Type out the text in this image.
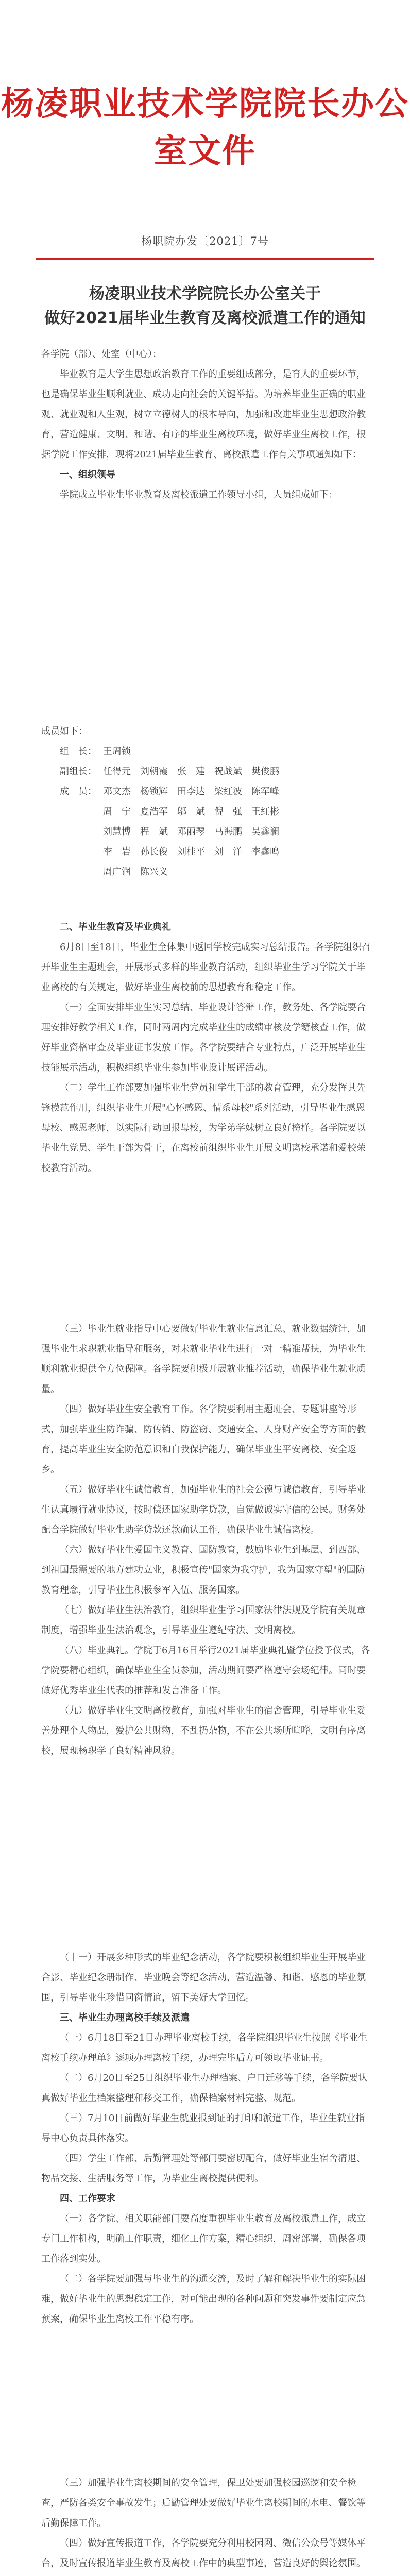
杨凌职业技术学院院长办公室文件
杨职院办发〔2021〕7号
杨凌职业技术学院院长办公室关于
做好2021届毕业生教育及离校派遣工作的通知

各学院（部）、处室（中心）：

毕业教育是大学生思想政治教育工作的重要组成部分，是育人的重要环节，也是确保毕业生顺利就业、成功走向社会的关键举措。为培养毕业生正确的职业观、就业观和人生观，树立立德树人的根本导向，加强和改进毕业生思想政治教育，营造健康、文明、和谐、有序的毕业生离校环境，做好毕业生离校工作，根据学院工作安排，现将2021届毕业生教育、离校派遣工作有关事项通知如下：

一、组织领导

学院成立毕业生毕业教育及离校派遣工作领导小组，人员组成如下：

成员如下：

组　长： 王周锁
副组长： 任得元　刘朝霞　张　建　祝战斌　樊俊鹏
成　员： 邓文杰　杨锁辉　田李达　梁红波　陈军峰
周　宁　夏浩军　邬　斌　倪　强　王红彬
刘慧博　程　斌　邓丽琴　马海鹏　吴鑫澜
李　岩　孙长俊　刘桂平　刘　洋　李鑫鸣
周广润　陈兴义

二、毕业生教育及毕业典礼

6月8日至18日，毕业生全体集中返回学校完成实习总结报告。各学院组织召开毕业生主题班会，开展形式多样的毕业教育活动，组织毕业生学习学院关于毕业离校的有关规定，做好毕业生离校前的思想教育和稳定工作。

（一）全面安排毕业生实习总结、毕业设计答辩工作，教务处、各学院要合理安排好教学相关工作，同时两周内完成毕业生的成绩审核及学籍核查工作，做好毕业资格审查及毕业证书发放工作。各学院要结合专业特点，广泛开展毕业生技能展示活动，积极组织毕业生参加毕业设计展评活动。

（二）学生工作部要加强毕业生党员和学生干部的教育管理，充分发挥其先锋模范作用，组织毕业生开展"心怀感恩、情系母校"系列活动，引导毕业生感恩母校、感恩老师，以实际行动回报母校，为学弟学妹树立良好榜样。各学院要以毕业生党员、学生干部为骨干，在离校前组织毕业生开展文明离校承诺和爱校荣校教育活动。

（三）毕业生就业指导中心要做好毕业生就业信息汇总、就业数据统计，加强毕业生求职就业指导和服务，对未就业毕业生进行一对一精准帮扶，为毕业生顺利就业提供全方位保障。各学院要积极开展就业推荐活动，确保毕业生就业质量。

（四）做好毕业生安全教育工作。各学院要利用主题班会、专题讲座等形式，加强毕业生防诈骗、防传销、防盗窃、交通安全、人身财产安全等方面的教育，提高毕业生安全防范意识和自我保护能力，确保毕业生平安离校、安全返乡。

（五）做好毕业生诚信教育，加强毕业生的社会公德与诚信教育，引导毕业生认真履行就业协议，按时偿还国家助学贷款，自觉做诚实守信的公民。财务处配合学院做好毕业生助学贷款还款确认工作，确保毕业生诚信离校。

（六）做好毕业生爱国主义教育、国防教育，鼓励毕业生到基层、到西部、到祖国最需要的地方建功立业，积极宣传"国家为我守护，我为国家守望"的国防教育理念，引导毕业生积极参军入伍、服务国家。

（七）做好毕业生法治教育，组织毕业生学习国家法律法规及学院有关规章制度，增强毕业生法治观念，引导毕业生遵纪守法、文明离校。

（八）毕业典礼。学院于6月16日举行2021届毕业典礼暨学位授予仪式，各学院要精心组织，确保毕业生全员参加，活动期间要严格遵守会场纪律。同时要做好优秀毕业生代表的推荐和发言准备工作。

（九）做好毕业生文明离校教育，加强对毕业生的宿舍管理，引导毕业生妥善处理个人物品，爱护公共财物，不乱扔杂物，不在公共场所喧哗，文明有序离校，展现杨职学子良好精神风貌。

（十一）开展多种形式的毕业纪念活动，各学院要积极组织毕业生开展毕业合影、毕业纪念册制作、毕业晚会等纪念活动，营造温馨、和谐、感恩的毕业氛围，引导毕业生珍惜同窗情谊，留下美好大学回忆。

三、毕业生办理离校手续及派遣

（一）6月18日至21日办理毕业离校手续，各学院组织毕业生按照《毕业生离校手续办理单》逐项办理离校手续，办理完毕后方可领取毕业证书。

（二）6月20日至25日组织毕业生办理档案、户口迁移等手续，各学院要认真做好毕业生档案整理和移交工作，确保档案材料完整、规范。

（三）7月10日前做好毕业生就业报到证的打印和派遣工作，毕业生就业指导中心负责具体落实。

（四）学生工作部、后勤管理处等部门要密切配合，做好毕业生宿舍清退、物品交接、生活服务等工作，为毕业生离校提供便利。

四、工作要求

（一）各学院、相关职能部门要高度重视毕业生教育及离校派遣工作，成立专门工作机构，明确工作职责，细化工作方案，精心组织，周密部署，确保各项工作落到实处。

（二）各学院要加强与毕业生的沟通交流，及时了解和解决毕业生的实际困难，做好毕业生的思想稳定工作，对可能出现的各种问题和突发事件要制定应急预案，确保毕业生离校工作平稳有序。

（三）加强毕业生离校期间的安全管理，保卫处要加强校园巡逻和安全检查，严防各类安全事故发生；后勤管理处要做好毕业生离校期间的水电、餐饮等后勤保障工作。

（四）做好宣传报道工作，各学院要充分利用校园网、微信公众号等媒体平台，及时宣传报道毕业生教育及离校工作中的典型事迹，营造良好的舆论氛围。
